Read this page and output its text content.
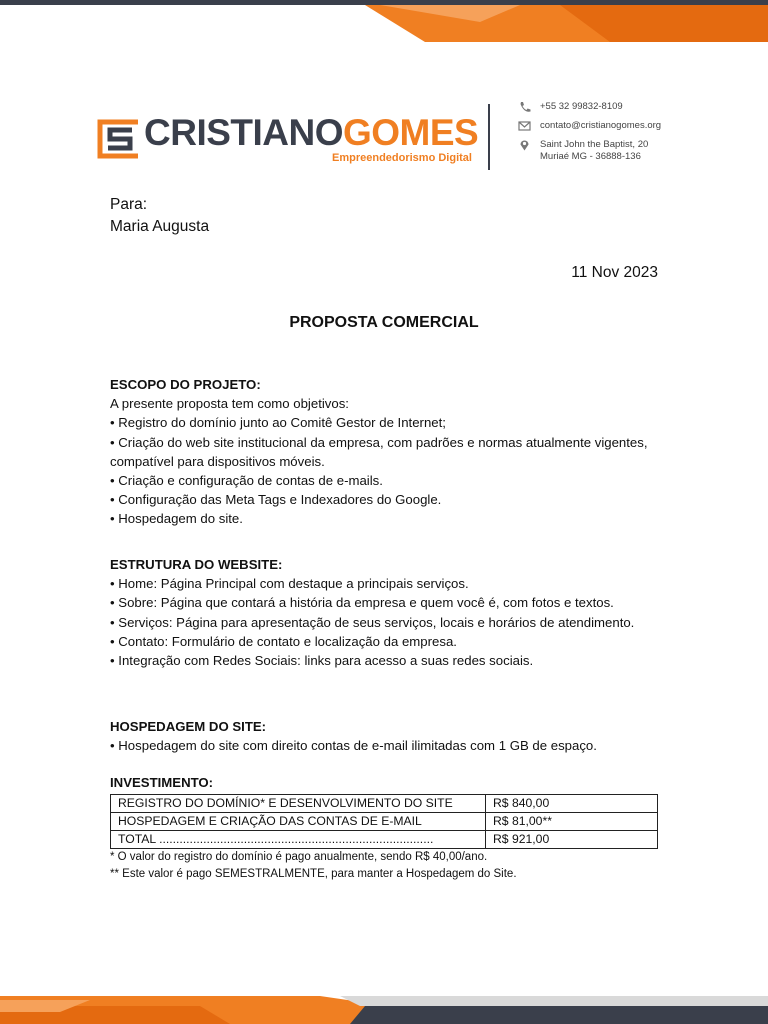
CRISTIANOGOMES
Empreendedorismo Digital
+55 32 99832-8109
contato@cristianogomes.org
Saint John the Baptist, 20
Muriaé MG - 36888-136
Para:
Maria Augusta
11 Nov 2023
PROPOSTA COMERCIAL
ESCOPO DO PROJETO:

A presente proposta tem como objetivos:

• Registro do domínio junto ao Comitê Gestor de Internet;
• Criação do web site institucional da empresa, com padrões e normas atualmente vigentes, compatível para dispositivos móveis.
• Criação e configuração de contas de e-mails.
• Configuração das Meta Tags e Indexadores do Google.
• Hospedagem do site.
ESTRUTURA DO WEBSITE:
• Home: Página Principal com destaque a principais serviços.
• Sobre: Página que contará a história da empresa e quem você é, com fotos e textos.
• Serviços: Página para apresentação de seus serviços, locais e horários de atendimento.
• Contato: Formulário de contato e localização da empresa.
• Integração com Redes Sociais: links para acesso a suas redes sociais.
HOSPEDAGEM DO SITE:
• Hospedagem do site com direito contas de e-mail ilimitadas com 1 GB de espaço.
INVESTIMENTO:
REGISTRO DO DOMÍNIO* E DESENVOLVIMENTO DO SITE	R$ 840,00
HOSPEDAGEM E CRIAÇÃO DAS CONTAS DE E-MAIL	R$ 81,00**
TOTAL .................................................................................	R$ 921,00
* O valor do registro do domínio é pago anualmente, sendo R$ 40,00/ano.
** Este valor é pago SEMESTRALMENTE, para manter a Hospedagem do Site.
